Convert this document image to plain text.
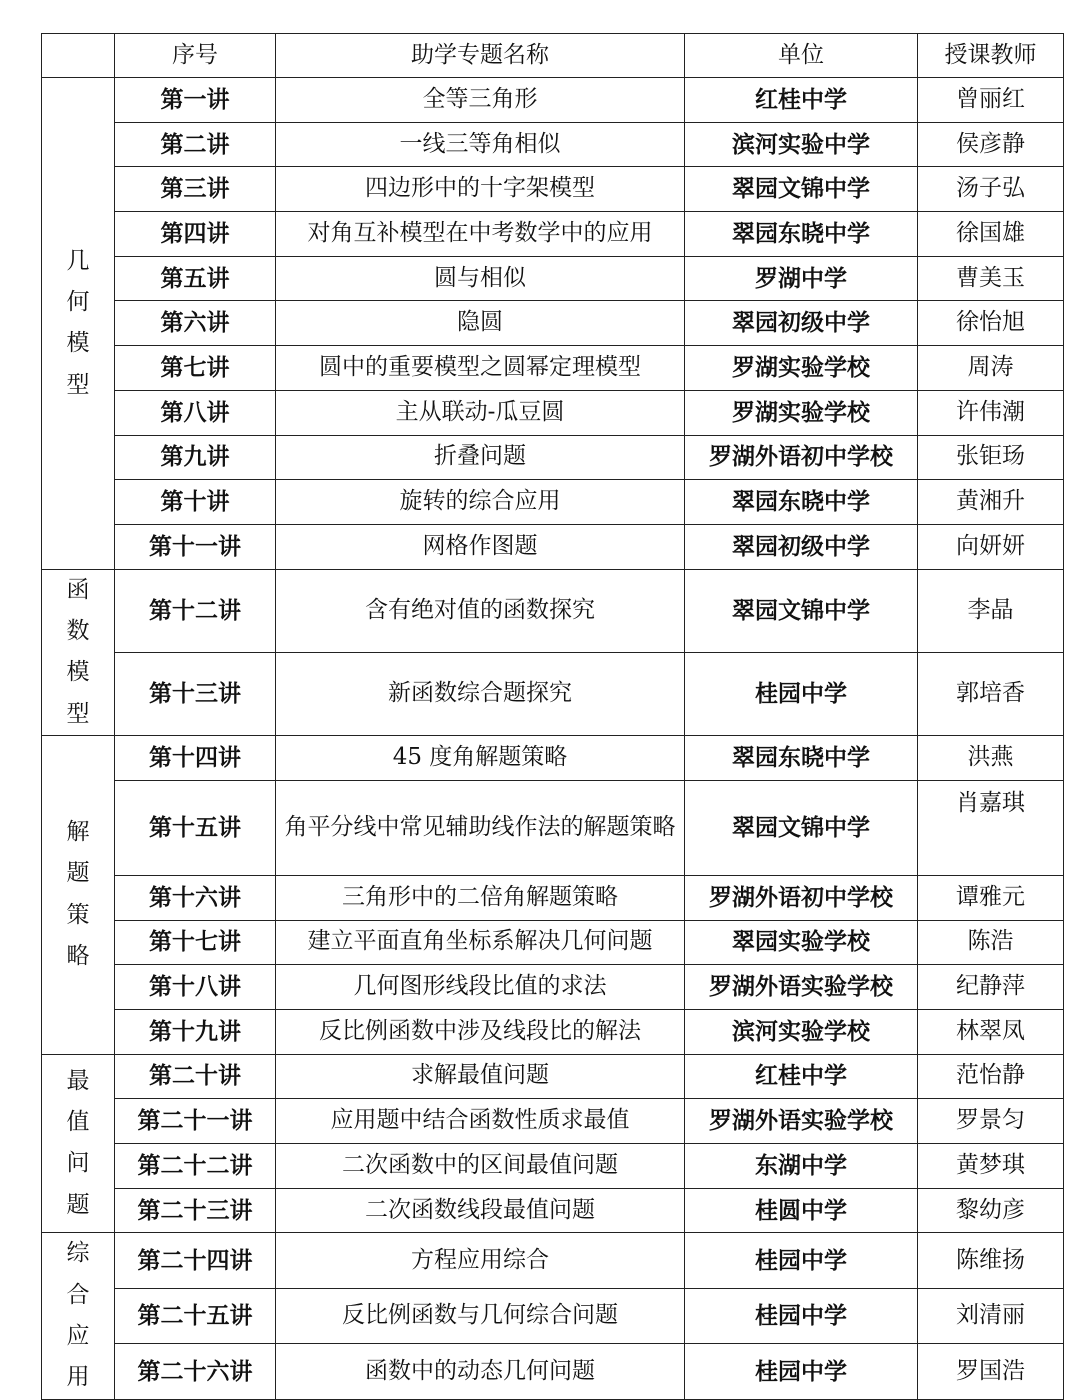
	序号	助学专题名称	单位	授课教师
几何模型	第一讲	全等三角形	红桂中学	曾丽红
	第二讲	一线三等角相似	滨河实验中学	侯彦静
	第三讲	四边形中的十字架模型	翠园文锦中学	汤子弘
	第四讲	对角互补模型在中考数学中的应用	翠园东晓中学	徐国雄
	第五讲	圆与相似	罗湖中学	曹美玉
	第六讲	隐圆	翠园初级中学	徐怡旭
	第七讲	圆中的重要模型之圆幂定理模型	罗湖实验学校	周涛
	第八讲	主从联动-瓜豆圆	罗湖实验学校	许伟潮
	第九讲	折叠问题	罗湖外语初中学校	张钜玚
	第十讲	旋转的综合应用	翠园东晓中学	黄湘升
	第十一讲	网格作图题	翠园初级中学	向妍妍
函数模型	第十二讲	含有绝对值的函数探究	翠园文锦中学	李晶
	第十三讲	新函数综合题探究	桂园中学	郭培香
解题策略	第十四讲	45 度角解题策略	翠园东晓中学	洪燕
	第十五讲	角平分线中常见辅助线作法的解题策略	翠园文锦中学	肖嘉琪
	第十六讲	三角形中的二倍角解题策略	罗湖外语初中学校	谭雅元
	第十七讲	建立平面直角坐标系解决几何问题	翠园实验学校	陈浩
	第十八讲	几何图形线段比值的求法	罗湖外语实验学校	纪静萍
	第十九讲	反比例函数中涉及线段比的解法	滨河实验学校	林翠凤
最值问题	第二十讲	求解最值问题	红桂中学	范怡静
	第二十一讲	应用题中结合函数性质求最值	罗湖外语实验学校	罗景匀
	第二十二讲	二次函数中的区间最值问题	东湖中学	黄梦琪
	第二十三讲	二次函数线段最值问题	桂圆中学	黎幼彦
综合应用	第二十四讲	方程应用综合	桂园中学	陈维扬
	第二十五讲	反比例函数与几何综合问题	桂园中学	刘清丽
	第二十六讲	函数中的动态几何问题	桂园中学	罗国浩
